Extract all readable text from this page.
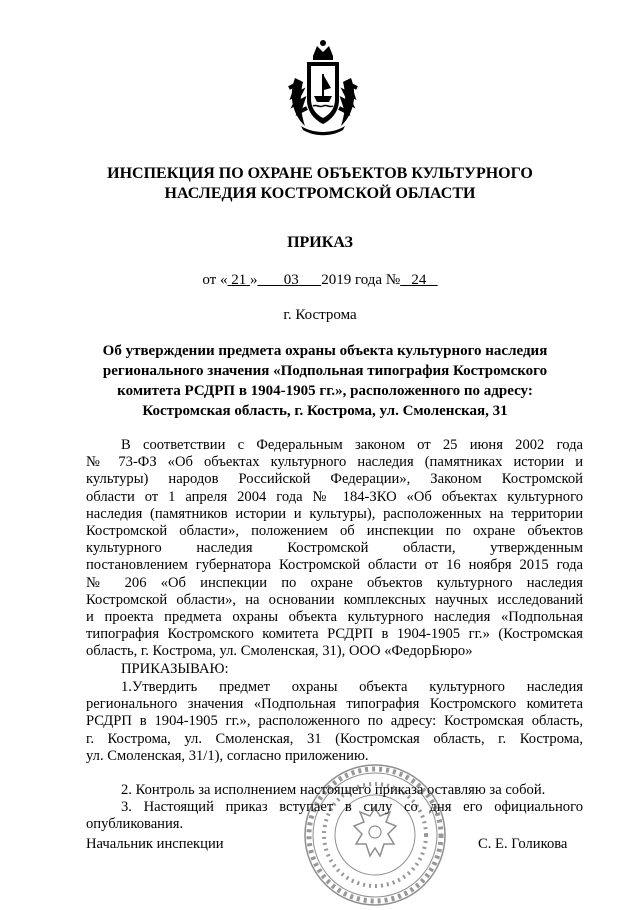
ИНСПЕКЦИЯ ПО ОХРАНЕ ОБЪЕКТОВ КУЛЬТУРНОГО
НАСЛЕДИЯ КОСТРОМСКОЙ ОБЛАСТИ
ПРИКАЗ
от « 21 » 03 2019 года № 24
г. Кострома
Об утверждении предмета охраны объекта культурного наследия
регионального значения «Подпольная типография Костромского
комитета РСДРП в 1904-1905 гг.», расположенного по адресу:
Костромская область, г. Кострома, ул. Смоленская, 31
В соответствии с Федеральным законом от 25 июня 2002 года
№ 73-ФЗ «Об объектах культурного наследия (памятниках истории и
культуры) народов Российской Федерации», Законом Костромской
области от 1 апреля 2004 года № 184-ЗКО «Об объектах культурного
наследия (памятников истории и культуры), расположенных на территории
Костромской области», положением об инспекции по охране объектов
культурного наследия Костромской области, утвержденным
постановлением губернатора Костромской области от 16 ноября 2015 года
№ 206 «Об инспекции по охране объектов культурного наследия
Костромской области», на основании комплексных научных исследований
и проекта предмета охраны объекта культурного наследия «Подпольная
типография Костромского комитета РСДРП в 1904-1905 гг.» (Костромская
область, г. Кострома, ул. Смоленская, 31), ООО «ФедорБюро»
ПРИКАЗЫВАЮ:
1.Утвердить предмет охраны объекта культурного наследия
регионального значения «Подпольная типография Костромского комитета
РСДРП в 1904-1905 гг.», расположенного по адресу: Костромская область,
г. Кострома, ул. Смоленская, 31 (Костромская область, г. Кострома,
ул. Смоленская, 31/1), согласно приложению.
2. Контроль за исполнением настоящего приказа оставляю за собой.
3. Настоящий приказ вступает в силу со дня его официального
опубликования.
Начальник инспекции	С. Е. Голикова
